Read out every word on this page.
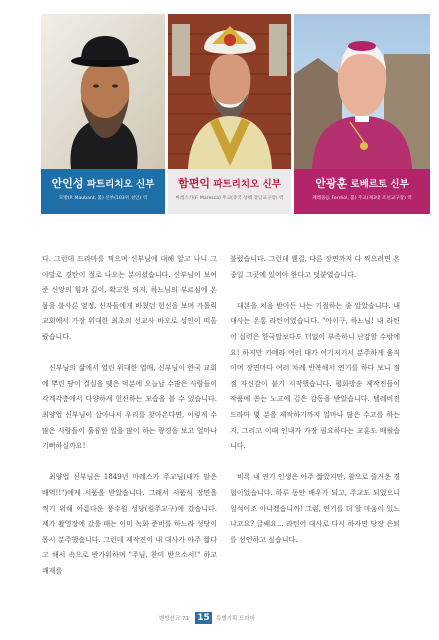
안인성 파트리치오 신부
모방(P. Maubant, 불) 신부(103위 성인) 역
함편익 파트리치오 신부
마레스카(F. Maresca) 주교(중국 상해 강남교구장) 역
안광훈 로베르토 신부
페레올(J. Ferréol, 불) 주교(제3대 조선교구장) 역

다. 그런데 드라마를 찍으며 신부님에 대해 알고 나니 그야말로 경탄이 절로 나오는 분이셨습니다. 신부님이 보여준 신앙의 힘과 깊이, 확고한 의지, 하느님의 부르심에 온몸을 불사른 열정, 신자들에게 바쳤던 헌신을 보며 가톨릭교회에서 가장 위대한 최초의 선교사 바오로 성인이 떠올랐습니다.

신부님의 삶에서 열린 위대한 열매, 신부님이 한국 교회에 뿌린 땅이 결실을 맺은 덕분에 오늘날 수많은 사람들이 각계각층에서 다양하게 헌신하는 모습을 볼 수 있습니다. 최양업 신부님이 살아나서 우리를 찾아온다면, 이렇게 수많은 사람들이 훌륭한 일을 많이 하는 광경을 보고 얼마나 기뻐하실까요!

최양업 신부님은 1849년 마레스카 주교님(내가 맡은 배역!!")에게 서품을 받았습니다. 그래서 서품식 장면을 찍기 위해 아름다운 풍수원 성당(원주교구)에 갔습니다. 제가 촬영장에 갔을 때는 이미 녹화 준비를 하느라 성당이 몹시 분주했습니다. 그런데 제작진이 내 대사가 아주 짧다고 해서 속으로 반가워하며 "주님, 찬미 받으소서!" 하고 쾌재를

불렀습니다. 그런데 웬걸, 다른 장면까지 다 찍으려면 온종일 그곳에 있어야 한다고 덧붙였습니다.

대본을 처음 받아든 나는 기절하는 줄 알았습니다. 내 대사는 온통 라틴어였습니다. "아이구, 하느님! 내 라틴어 실력은 한국말보다도 터없이 부족하니 난감할 수밖에요! 하지만 카메라 여러 대가 여기저기서 분주하게 움직이며 장면마다 여러 차례 반복해서 연기를 하다 보니 점점 자신감이 붙기 시작했습니다. 평화방송 제작진들이 작품에 쏟는 노고에 깊은 감동을 받았습니다. 텔레비전 드라마 몇 분을 제작하기까지 얼마나 많은 수고를 하는지, 그리고 이때 인내가 가장 필요하다는 교훈도 배웠습니다.

비록 내 연기 인생은 아주 짧았지만, 참으로 즐거운 경험이었습니다. 하루 동안 배우가 되고, 주교도 되었으니 일석이조 아니겠습니까! 그럼, 연기를 더 할 마음이 있느냐고요? 글쎄요... 라틴어 대사로 다시 하자면 당장 은퇴를 선언하고 싶습니다.

변방선교 71 15	특별기획 드라마
